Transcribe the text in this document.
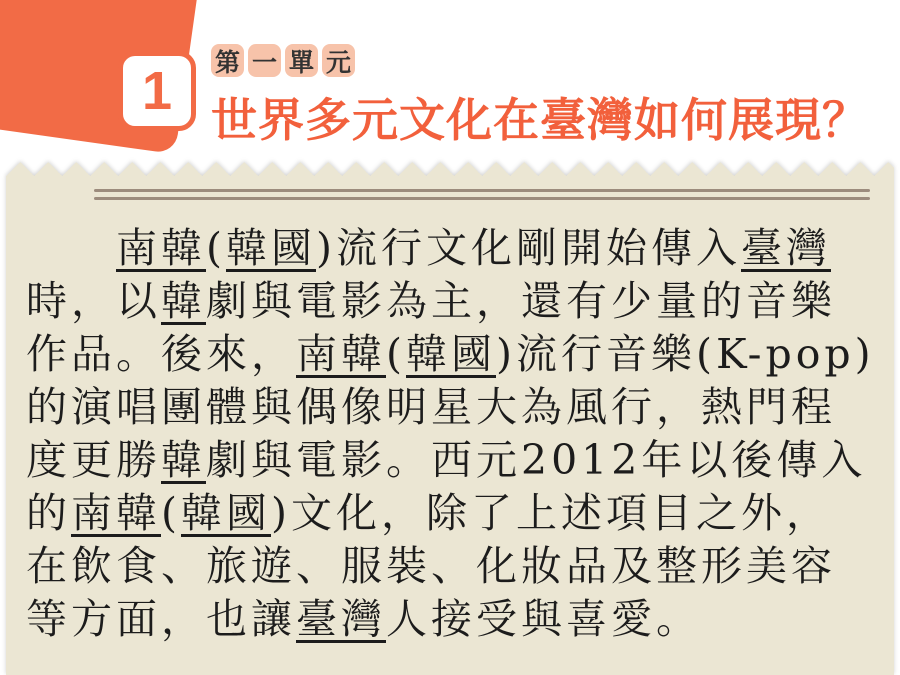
1 第 一 單 元
世界多元文化在臺灣如何展現？
南韓(韓國)流行文化剛開始傳入臺灣
時，以韓劇與電影為主，還有少量的音樂
作品。後來，南韓(韓國)流行音樂(K-pop)
的演唱團體與偶像明星大為風行，熱門程
度更勝韓劇與電影。西元2012年以後傳入
的南韓(韓國)文化，除了上述項目之外，
在飲食、旅遊、服裝、化妝品及整形美容
等方面，也讓臺灣人接受與喜愛。
